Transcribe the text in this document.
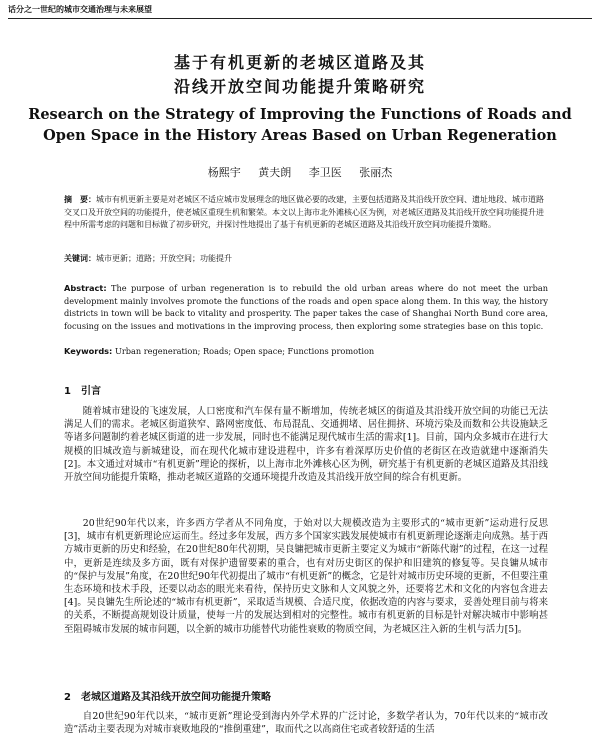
话分之一世纪的城市交通治理与未来展望
基于有机更新的老城区道路及其
沿线开放空间功能提升策略研究
Research on the Strategy of Improving the Functions of Roads and
Open Space in the History Areas Based on Urban Regeneration
杨熙宇 黄夫朗 李卫医 张丽杰

摘　要：城市有机更新主要是对老城区不适应城市发展理念的地区做必要的改建，主要包括道路及其沿线开放空间、遗址地段、城市道路交叉口及开放空间的功能提升，使老城区重现生机和繁荣。本文以上海市北外滩核心区为例，对老城区道路及其沿线开放空间功能提升进程中所需考虑的问题和目标做了初步研究，并探讨性地提出了基于有机更新的老城区道路及其沿线开放空间功能提升策略。

关键词：城市更新；道路；开放空间；功能提升

Abstract: The purpose of urban regeneration is to rebuild the old urban areas where do not meet the urban development mainly involves promote the functions of the roads and open space along them. In this way, the history districts in town will be back to vitality and prosperity. The paper takes the case of Shanghai North Bund core area, focusing on the issues and motivations in the improving process, then exploring some strategies base on this topic.

Keywords: Urban regeneration; Roads; Open space; Functions promotion

1 引言

随着城市建设的飞速发展，人口密度和汽车保有量不断增加，传统老城区的街道及其沿线开放空间的功能已无法满足人们的需求。老城区街道狭窄、路网密度低、布局混乱、交通拥堵、居住拥挤、环境污染及而数和公共设施缺乏等诸多问题制约着老城区街道的进一步发展，同时也不能满足现代城市生活的需求[1]。目前，国内众多城市在进行大规模的旧城改造与新城建设，而在现代化城市建设进程中，许多有着深厚历史价值的老街区在改造就建中逐渐消失[2]。本文通过对城市“有机更新”理论的探析，以上海市北外滩核心区为例，研究基于有机更新的老城区道路及其沿线开放空间功能提升策略，推动老城区道路的交通环境提升改造及其沿线开放空间的综合有机更新。

20世纪90年代以来，许多西方学者从不同角度，于始对以大规模改造为主要形式的“城市更新”运动进行反思[3]，城市有机更新理论应运而生。经过多年发展，西方多个国家实践发展使城市有机更新理论逐渐走向成熟。基于西方城市更新的历史和经验，在20世纪80年代初期，吴良镛把城市更新主要定义为城市“新陈代谢”的过程，在这一过程中，更新是连续及多方面，既有对保护遗留要素的重合，也有对历史街区的保护和旧建筑的修复等。吴良镛从城市的“保护与发展”角度，在20世纪90年代初提出了城市“有机更新”的概念，它是针对城市历史环境的更新，不但要注重生态环境和技术手段，还要以动态的眼光来看待，保持历史文脉和人文风貌之外，还要将艺术和文化的内容包含进去[4]。吴良镛先生所论述的“城市有机更新”，采取适当规模、合适尺度，依据改造的内容与要求，妥善处理目前与将来的关系，不断提高规划设计质量，使每一片的发展达到相对的完整性。城市有机更新的目标是针对解决城市中影响甚至阻碍城市发展的城市问题，以全新的城市功能替代功能性衰败的物质空间，为老城区注入新的生机与活力[5]。

2 老城区道路及其沿线开放空间功能提升策略

自20世纪90年代以来，“城市更新”理论受到海内外学术界的广泛讨论，多数学者认为，70年代以来的“城市改造”活动主要表现为对城市衰败地段的“推倒重建”，取而代之以高商住宅或者较舒适的生活
